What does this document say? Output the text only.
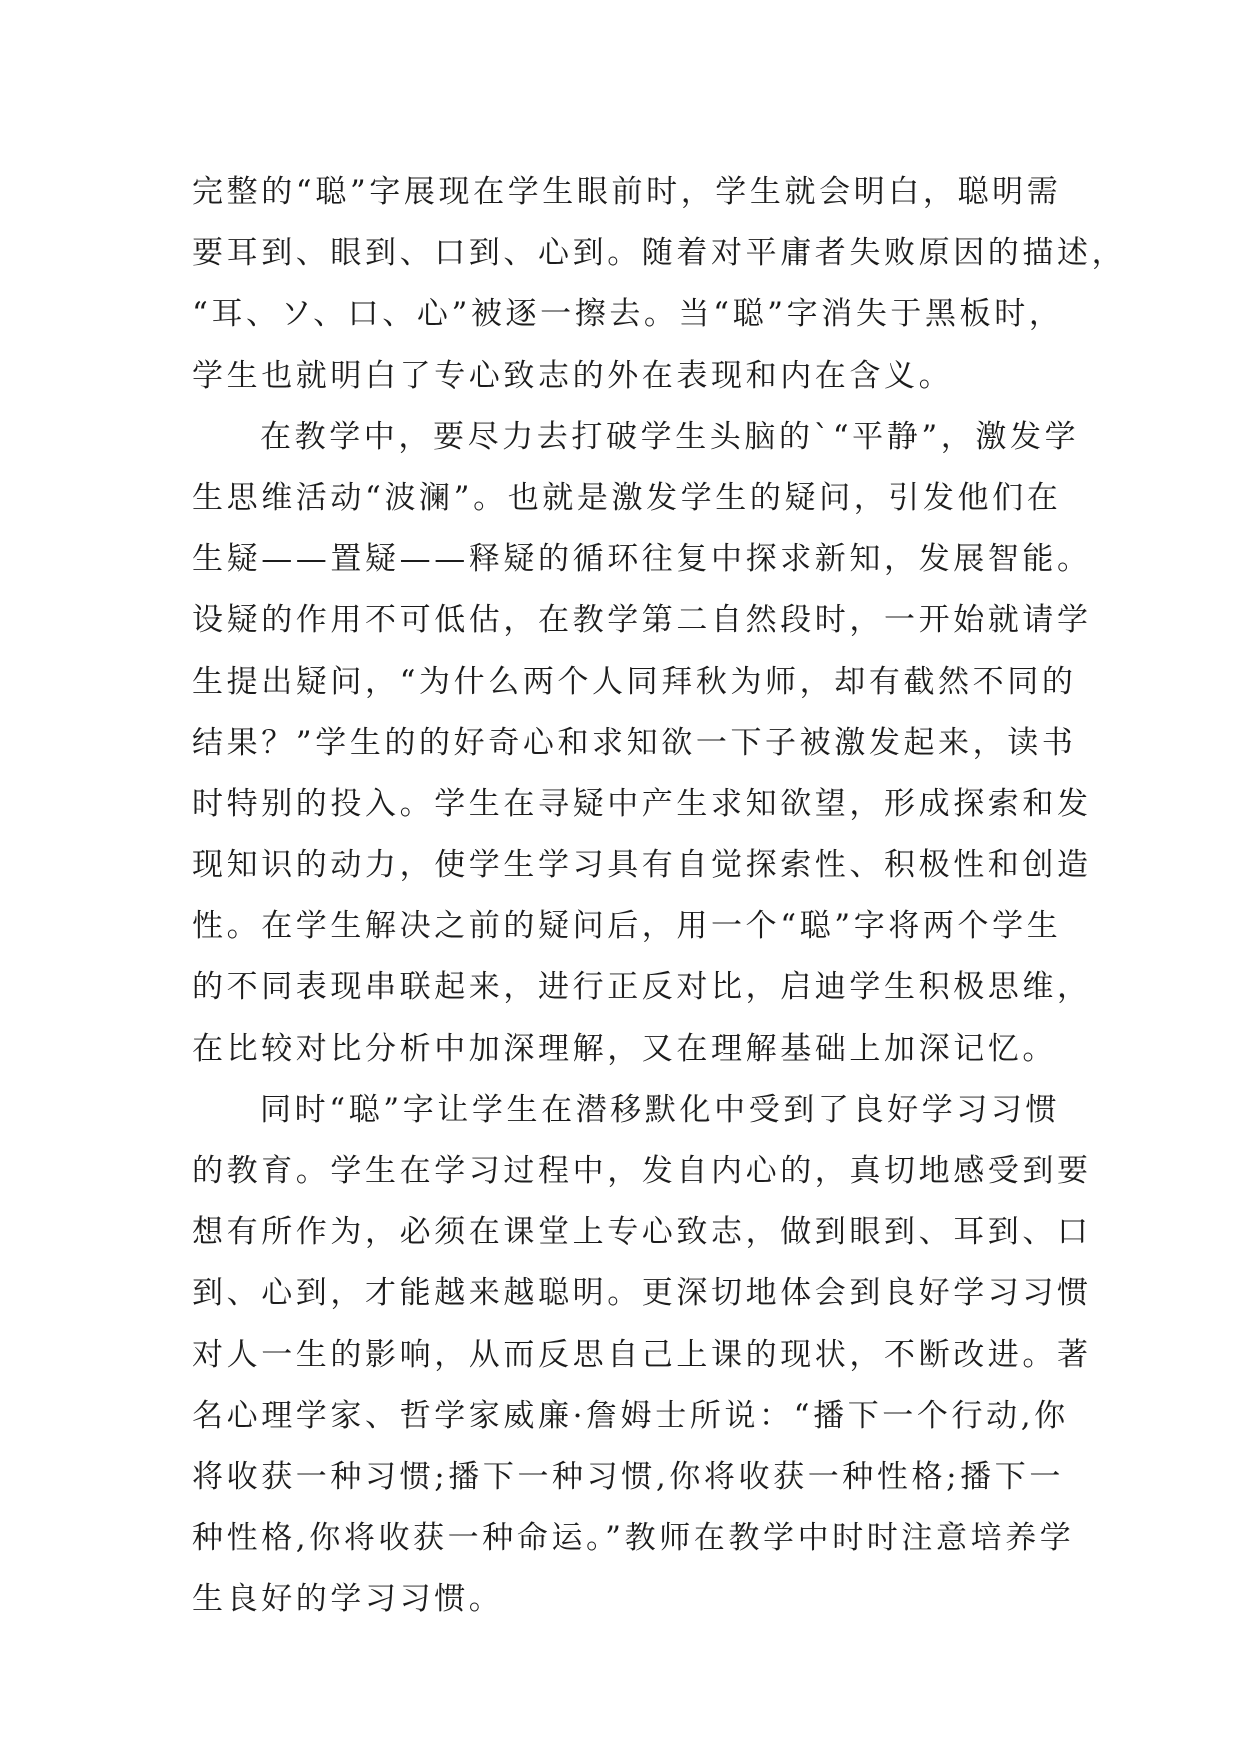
完整的“聪”字展现在学生眼前时，学生就会明白，聪明需
要耳到、眼到、口到、心到。随着对平庸者失败原因的描述，
“耳、ソ、口、心”被逐一擦去。当“聪”字消失于黑板时，
学生也就明白了专心致志的外在表现和内在含义。
在教学中，要尽力去打破学生头脑的`“平静”，激发学
生思维活动“波澜”。也就是激发学生的疑问，引发他们在
生疑——置疑——释疑的循环往复中探求新知，发展智能。
设疑的作用不可低估，在教学第二自然段时，一开始就请学
生提出疑问，“为什么两个人同拜秋为师，却有截然不同的
结果？”学生的的好奇心和求知欲一下子被激发起来，读书
时特别的投入。学生在寻疑中产生求知欲望，形成探索和发
现知识的动力，使学生学习具有自觉探索性、积极性和创造
性。在学生解决之前的疑问后，用一个“聪”字将两个学生
的不同表现串联起来，进行正反对比，启迪学生积极思维，
在比较对比分析中加深理解，又在理解基础上加深记忆。
同时“聪”字让学生在潜移默化中受到了良好学习习惯
的教育。学生在学习过程中，发自内心的，真切地感受到要
想有所作为，必须在课堂上专心致志，做到眼到、耳到、口
到、心到，才能越来越聪明。更深切地体会到良好学习习惯
对人一生的影响，从而反思自己上课的现状，不断改进。著
名心理学家、哲学家威廉·詹姆士所说：“播下一个行动,你
将收获一种习惯;播下一种习惯,你将收获一种性格;播下一
种性格,你将收获一种命运。”教师在教学中时时注意培养学
生良好的学习习惯。
